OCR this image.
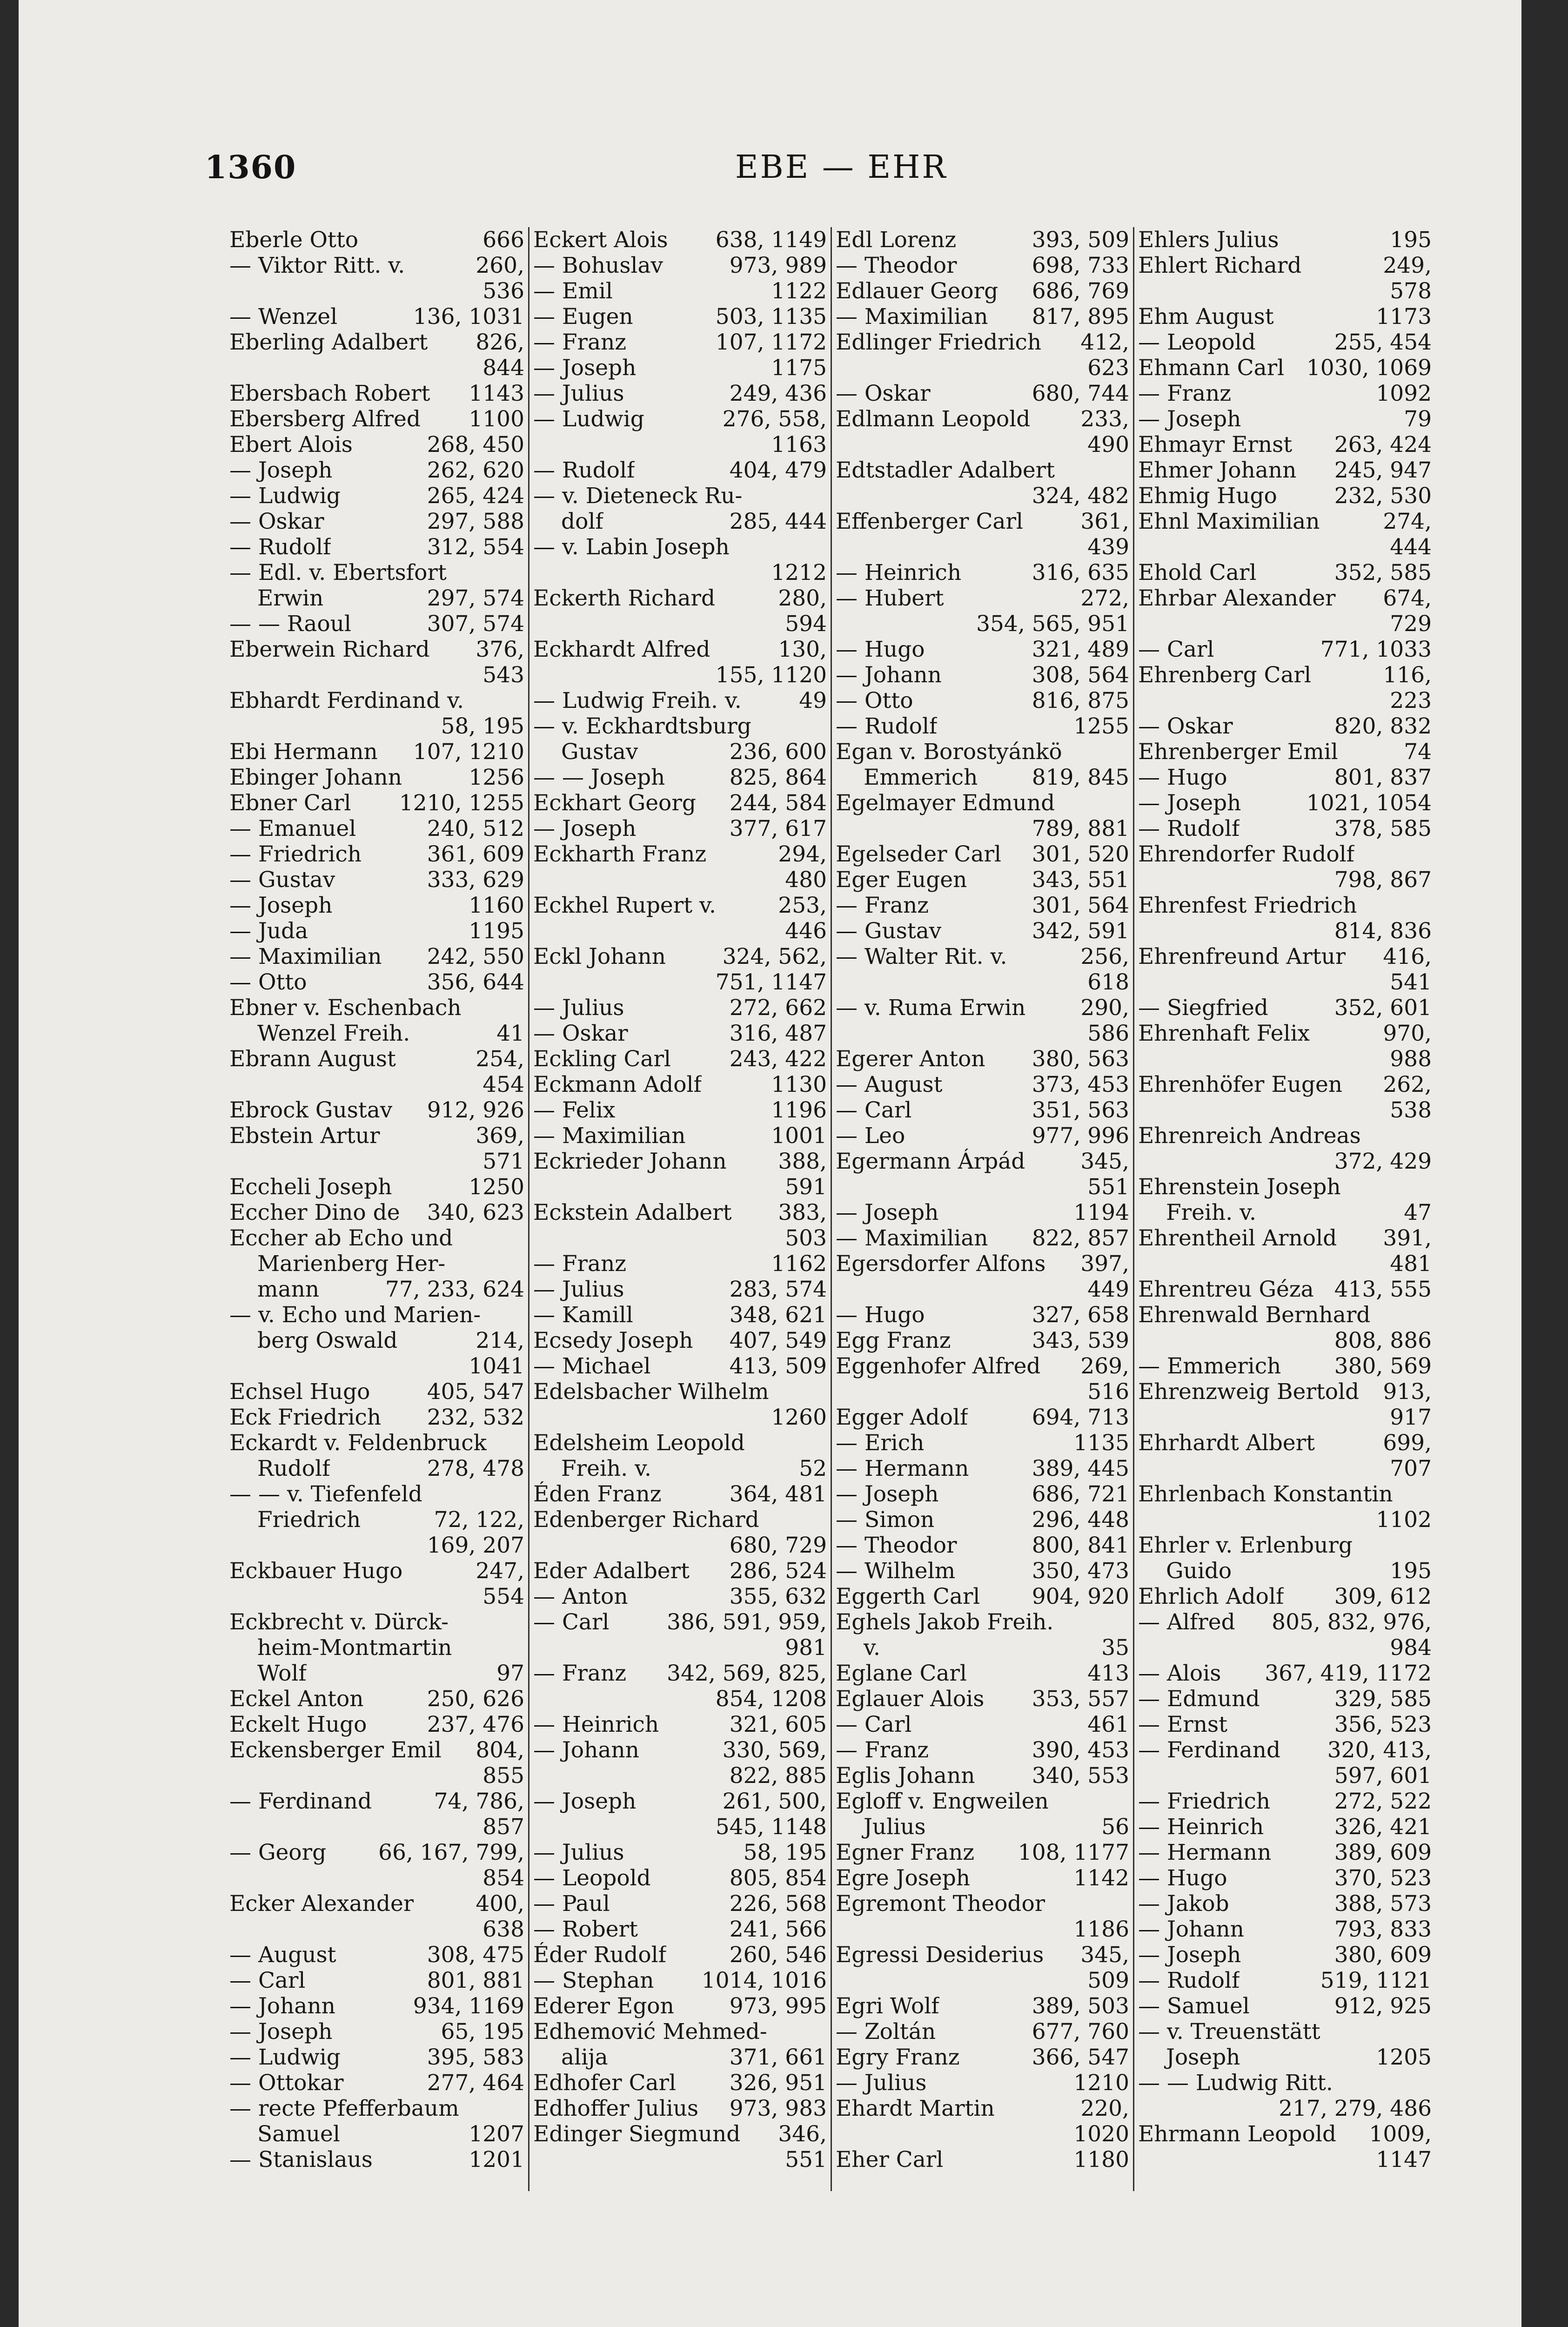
1360	EBE — EHR
Eberle Otto	666
— Viktor Ritt. v.	260,
536
— Wenzel	136, 1031
Eberling Adalbert 826,
844
Ebersbach Robert 1143
Ebersberg Alfred 1100
Ebert Alois	268, 450
— Joseph	262, 620
— Ludwig	265, 424
— Oskar	297, 588
— Rudolf	312, 554
— Edl. v. Ebertsfort
Erwin	297, 574
— — Raoul	307, 574
Eberwein Richard 376,
543
Ebhardt Ferdinand v.
58, 195
Ebi Hermann 107, 1210
Ebinger Johann	1256
Ebner Carl 1210, 1255
— Emanuel	240, 512
— Friedrich	361, 609
— Gustav	333, 629
— Joseph	1160
— Juda	1195
— Maximilian 242, 550
— Otto	356, 644
Ebner v. Eschenbach
Wenzel Freih.	41
Ebrann August	254,
454
Ebrock Gustav 912, 926
Ebstein Artur	369,
571
Eccheli Joseph	1250
Eccher Dino de 340, 623
Eccher ab Echo und
Marienberg Her-
mann	77, 233, 624
— v. Echo und Marien-
berg Oswald	214,
1041
Echsel Hugo	405, 547
Eck Friedrich 232, 532
Eckardt v. Feldenbruck
Rudolf	278, 478
— — v. Tiefenfeld
Friedrich	72, 122,
169, 207
Eckbauer Hugo	247,
554
Eckbrecht v. Dürck-
heim-Montmartin
Wolf	97
Eckel Anton	250, 626
Eckelt Hugo	237, 476
Eckensberger Emil 804,
855
— Ferdinand	74, 786,
857
— Georg 66, 167, 799,
854
Ecker Alexander	400,
638
— August	308, 475
— Carl	801, 881
— Johann	934, 1169
— Joseph	65, 195
— Ludwig	395, 583
— Ottokar	277, 464
— recte Pfefferbaum
Samuel	1207
— Stanislaus	1201
Eckert Alois 638, 1149
— Bohuslav	973, 989
— Emil	1122
— Eugen	503, 1135
— Franz	107, 1172
— Joseph	1175
— Julius	249, 436
— Ludwig	276, 558,
1163
— Rudolf	404, 479
— v. Dieteneck Ru-
dolf	285, 444
— v. Labin Joseph
1212
Eckerth Richard	280,
594
Eckhardt Alfred	130,
155, 1120
— Ludwig Freih. v.	49
— v. Eckhardtsburg
Gustav	236, 600
— — Joseph	825, 864
Eckhart Georg 244, 584
— Joseph	377, 617
Eckharth Franz	294,
480
Eckhel Rupert v.	253,
446
Eckl Johann	324, 562,
751, 1147
— Julius	272, 662
— Oskar	316, 487
Eckling Carl	243, 422
Eckmann Adolf	1130
— Felix	1196
— Maximilian	1001
Eckrieder Johann 388,
591
Eckstein Adalbert 383,
503
— Franz	1162
— Julius	283, 574
— Kamill	348, 621
Ecsedy Joseph 407, 549
— Michael	413, 509
Edelsbacher Wilhelm
1260
Edelsheim Leopold
Freih. v.	52
Éden Franz	364, 481
Edenberger Richard
680, 729
Eder Adalbert 286, 524
— Anton	355, 632
— Carl	386, 591, 959,
981
— Franz 342, 569, 825,
854, 1208
— Heinrich	321, 605
— Johann	330, 569,
822, 885
— Joseph	261, 500,
545, 1148
— Julius	58, 195
— Leopold	805, 854
— Paul	226, 568
— Robert	241, 566
Éder Rudolf	260, 546
— Stephan 1014, 1016
Ederer Egon	973, 995
Edhemović Mehmed-
alija	371, 661
Edhofer Carl 326, 951
Edhoffer Julius 973, 983
Edinger Siegmund 346,
551
Edl Lorenz	393, 509
— Theodor	698, 733
Edlauer Georg 686, 769
— Maximilian 817, 895
Edlinger Friedrich 412,
623
— Oskar	680, 744
Edlmann Leopold 233,
490
Edtstadler Adalbert
324, 482
Effenberger Carl	361,
439
— Heinrich	316, 635
— Hubert	272,
354, 565, 951
— Hugo	321, 489
— Johann	308, 564
— Otto	816, 875
— Rudolf	1255
Egan v. Borostyánkö
Emmerich 819, 845
Egelmayer Edmund
789, 881
Egelseder Carl 301, 520
Eger Eugen	343, 551
— Franz	301, 564
— Gustav	342, 591
— Walter Rit. v.	256,
618
— v. Ruma Erwin	290,
586
Egerer Anton 380, 563
— August	373, 453
— Carl	351, 563
— Leo	977, 996
Egermann Árpád	345,
551
— Joseph	1194
— Maximilian 822, 857
Egersdorfer Alfons 397,
449
— Hugo	327, 658
Egg Franz	343, 539
Eggenhofer Alfred 269,
516
Egger Adolf	694, 713
— Erich	1135
— Hermann	389, 445
— Joseph	686, 721
— Simon	296, 448
— Theodor	800, 841
— Wilhelm	350, 473
Eggerth Carl 904, 920
Eghels Jakob Freih.
v.	35
Eglane Carl	413
Eglauer Alois 353, 557
— Carl	461
— Franz	390, 453
Eglis Johann	340, 553
Egloff v. Engweilen
Julius	56
Egner Franz 108, 1177
Egre Joseph	1142
Egremont Theodor
1186
Egressi Desiderius 345,
509
Egri Wolf	389, 503
— Zoltán	677, 760
Egry Franz	366, 547
— Julius	1210
Ehardt Martin	220,
1020
Eher Carl	1180
Ehlers Julius	195
Ehlert Richard	249,
578
Ehm August	1173
— Leopold	255, 454
Ehmann Carl 1030, 1069
— Franz	1092
— Joseph	79
Ehmayr Ernst 263, 424
Ehmer Johann 245, 947
Ehmig Hugo	232, 530
Ehnl Maximilian	274,
444
Ehold Carl	352, 585
Ehrbar Alexander 674,
729
— Carl	771, 1033
Ehrenberg Carl	116,
223
— Oskar	820, 832
Ehrenberger Emil	74
— Hugo	801, 837
— Joseph	1021, 1054
— Rudolf	378, 585
Ehrendorfer Rudolf
798, 867
Ehrenfest Friedrich
814, 836
Ehrenfreund Artur 416,
541
— Siegfried	352, 601
Ehrenhaft Felix	970,
988
Ehrenhöfer Eugen 262,
538
Ehrenreich Andreas
372, 429
Ehrenstein Joseph
Freih. v.	47
Ehrentheil Arnold 391,
481
Ehrentreu Géza 413, 555
Ehrenwald Bernhard
808, 886
— Emmerich 380, 569
Ehrenzweig Bertold 913,
917
Ehrhardt Albert	699,
707
Ehrlenbach Konstantin
1102
Ehrler v. Erlenburg
Guido	195
Ehrlich Adolf 309, 612
— Alfred 805, 832, 976,
984
— Alois 367, 419, 1172
— Edmund	329, 585
— Ernst	356, 523
— Ferdinand 320, 413,
597, 601
— Friedrich	272, 522
— Heinrich	326, 421
— Hermann	389, 609
— Hugo	370, 523
— Jakob	388, 573
— Johann	793, 833
— Joseph	380, 609
— Rudolf	519, 1121
— Samuel	912, 925
— v. Treuenstätt
Joseph	1205
— — Ludwig Ritt.
217, 279, 486
Ehrmann Leopold 1009,
1147
